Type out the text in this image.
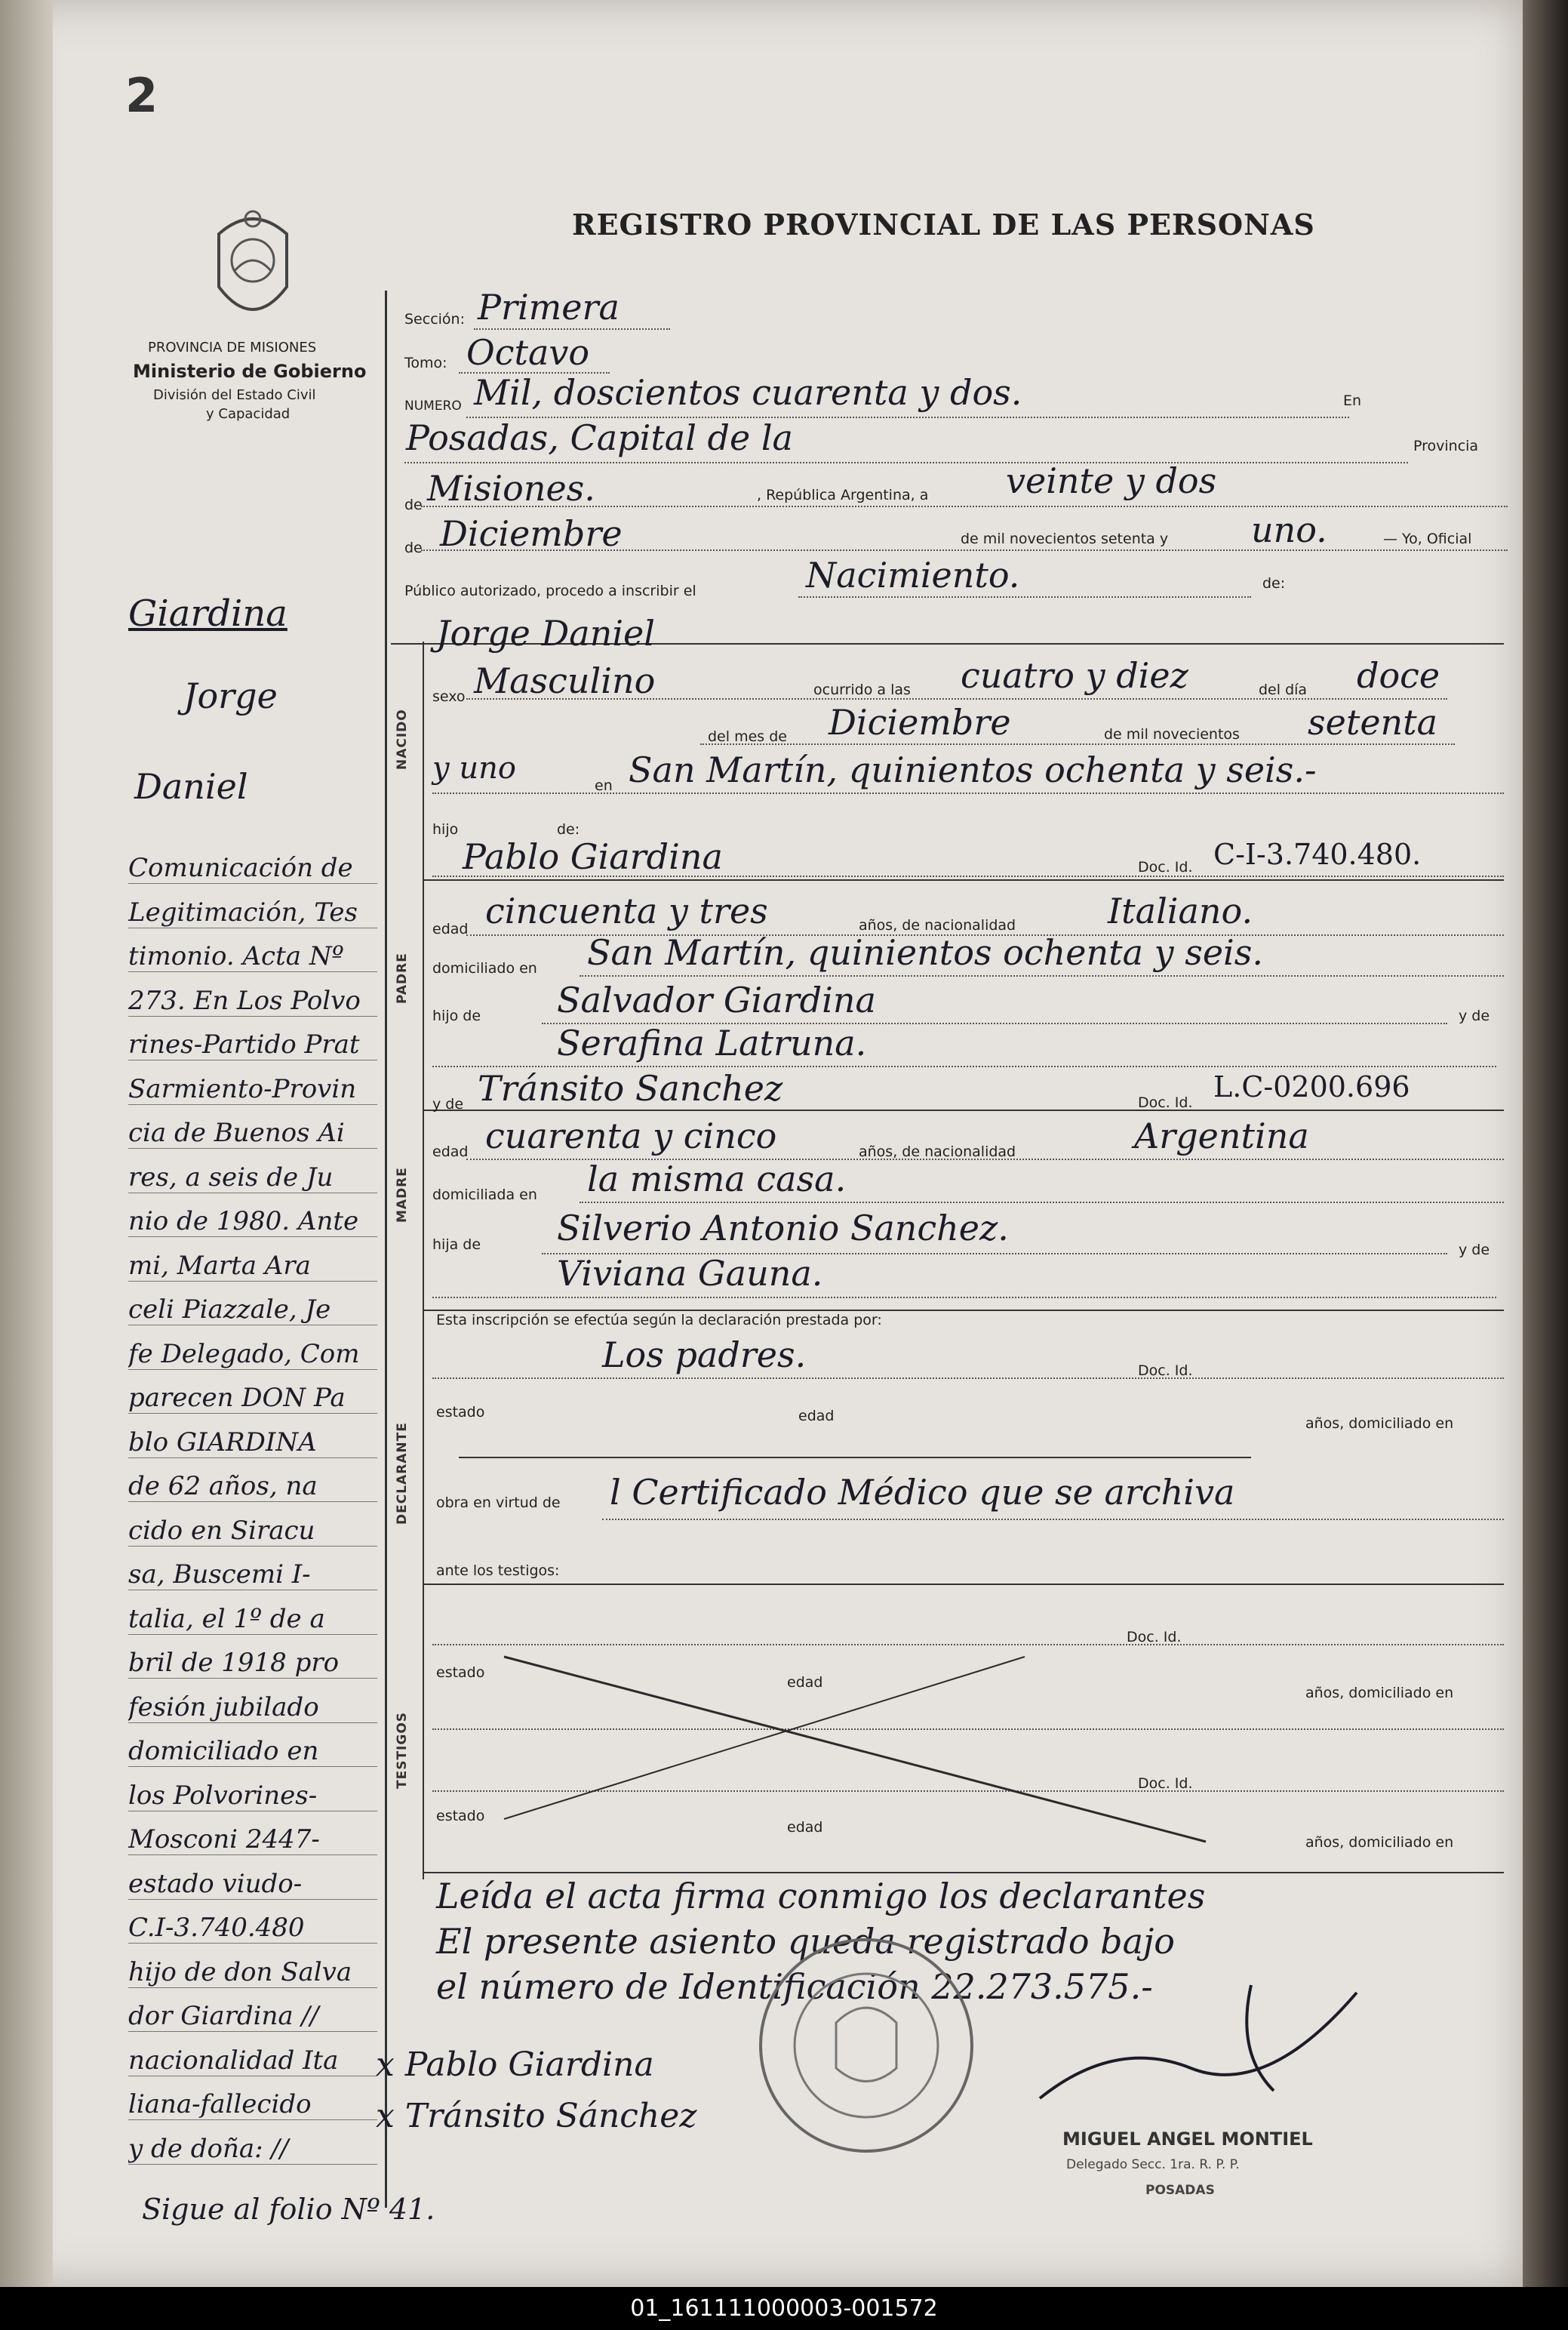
2
REGISTRO PROVINCIAL DE LAS PERSONAS
PROVINCIA DE MISIONES
Ministerio de Gobierno
División del Estado Civil
y Capacidad
NACIDO
PADRE
MADRE
DECLARANTE
TESTIGOS
Sección: Primera
Tomo: Octavo
NUMERO Mil, doscientos cuarenta y dos.	En
Posadas, Capital de la	Provincia
de Misiones.	, República Argentina, a veinte y dos
de Diciembre	de mil novecientos setenta y uno.	— Yo, Oficial
Público autorizado, procedo a inscribir el	Nacimiento.	de:
Jorge Daniel
sexo Masculino	ocurrido a las cuatro y diez	del día doce
del mes de Diciembre	de mil novecientos setenta
y uno	en San Martín, quinientos ochenta y seis.-
hijo	de:
Pablo Giardina	Doc. Id. C-I-3.740.480.
edad cincuenta y tres	años, de nacionalidad	Italiano.
domiciliado en San Martín, quinientos ochenta y seis.
hijo de Salvador Giardina	y de
Serafina Latruna.
y de Tránsito Sanchez	Doc. Id. L.C-0200.696
edad cuarenta y cinco	años, de nacionalidad	Argentina
domiciliada en la misma casa.
hija de Silverio Antonio Sanchez.
y de
Viviana Gauna.
Esta inscripción se efectúa según la declaración prestada por:
Los padres.	Doc. Id.
estado	edad	años, domiciliado en
obra en virtud de l Certificado Médico que se archiva
ante los testigos:
Doc. Id.
estado
edad
años, domiciliado en
Doc. Id.
estado
edad
años, domiciliado en
Leída el acta firma conmigo los declarantes
El presente asiento queda registrado bajo
el número de Identificación 22.273.575.-
x Pablo Giardina
x Tránsito Sánchez
MIGUEL ANGEL MONTIEL
Delegado Secc. 1ra. R. P. P.
POSADAS
Giardina
Jorge
Daniel
Comunicación de
Legitimación, Tes
timonio. Acta Nº
273. En Los Polvo
rines-Partido Prat
Sarmiento-Provin
cia de Buenos Ai
res, a seis de Ju
nio de 1980. Ante
mi, Marta Ara
celi Piazzale, Je
fe Delegado, Com
parecen DON Pa
blo GIARDINA
de 62 años, na
cido en Siracu
sa, Buscemi I-
talia, el 1º de a
bril de 1918 pro
fesión jubilado
domiciliado en
los Polvorines-
Mosconi 2447-
estado viudo-
C.I-3.740.480
hijo de don Salva
dor Giardina //
nacionalidad Ita
liana-fallecido
y de doña: //
Sigue al folio Nº 41.
01_161111000003-001572
